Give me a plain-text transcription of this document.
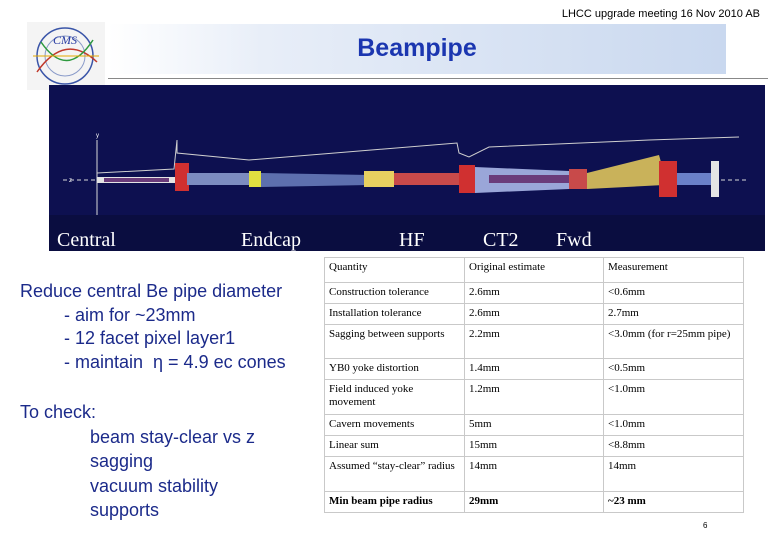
LHCC upgrade meeting 16 Nov 2010 AB
CMS	Beampipe
z
y
Central	Endcap	HF	CT2 Fwd
Reduce central Be pipe diameter
- aim for ~23mm
- 12 facet pixel layer1
- maintain  η = 4.9 ec cones
To check:
beam stay-clear vs z
sagging
vacuum stability
supports
Quantity	Original estimate	Measurement
Construction tolerance	2.6mm	<0.6mm
Installation tolerance	2.6mm	2.7mm
Sagging between supports	2.2mm	<3.0mm (for r=25mm pipe)
YB0 yoke distortion	1.4mm	<0.5mm
Field induced yoke movement	1.2mm	<1.0mm
Cavern movements	5mm	<1.0mm
Linear sum	15mm	<8.8mm
Assumed “stay-clear” radius	14mm	14mm
Min beam pipe radius	29mm	~23 mm
6
